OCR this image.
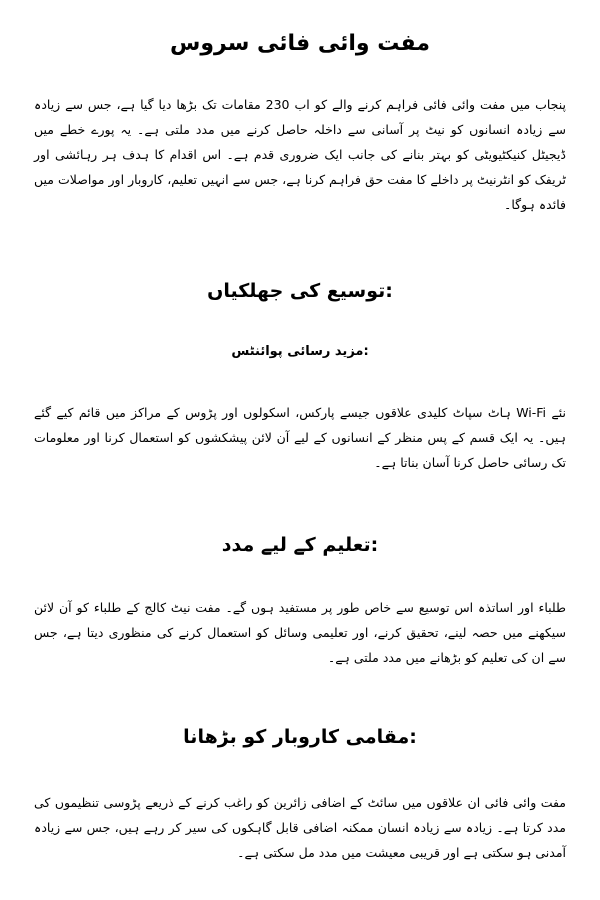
مفت وائی فائی سروس

پنجاب میں مفت وائی فائی فراہم کرنے والے کو اب 230 مقامات تک بڑھا دیا گیا ہے، جس سے زیادہ سے زیادہ انسانوں کو نیٹ پر آسانی سے داخلہ حاصل کرنے میں مدد ملتی ہے۔ یہ پورے خطے میں ڈیجیٹل کنیکٹیویٹی کو بہتر بنانے کی جانب ایک ضروری قدم ہے۔ اس اقدام کا ہدف ہر رہائشی اور ٹریفک کو انٹرنیٹ پر داخلے کا مفت حق فراہم کرنا ہے، جس سے انہیں تعلیم، کاروبار اور مواصلات میں فائدہ ہوگا۔

توسیع کی جھلکیاں:
مزید رسائی پوائنٹس:

نئے Wi-Fi ہاٹ سپاٹ کلیدی علاقوں جیسے پارکس، اسکولوں اور پڑوس کے مراکز میں قائم کیے گئے ہیں۔ یہ ایک قسم کے پس منظر کے انسانوں کے لیے آن لائن پیشکشوں کو استعمال کرنا اور معلومات تک رسائی حاصل کرنا آسان بناتا ہے۔

تعلیم کے لیے مدد:

طلباء اور اساتذہ اس توسیع سے خاص طور پر مستفید ہوں گے۔ مفت نیٹ کالج کے طلباء کو آن لائن سیکھنے میں حصہ لینے، تحقیق کرنے، اور تعلیمی وسائل کو استعمال کرنے کی منظوری دیتا ہے، جس سے ان کی تعلیم کو بڑھانے میں مدد ملتی ہے۔

مقامی کاروبار کو بڑھانا:

مفت وائی فائی ان علاقوں میں سائٹ کے اضافی زائرین کو راغب کرنے کے ذریعے پڑوسی تنظیموں کی مدد کرتا ہے۔ زیادہ سے زیادہ انسان ممکنہ اضافی قابل گاہکوں کی سیر کر رہے ہیں، جس سے زیادہ آمدنی ہو سکتی ہے اور قریبی معیشت میں مدد مل سکتی ہے۔
